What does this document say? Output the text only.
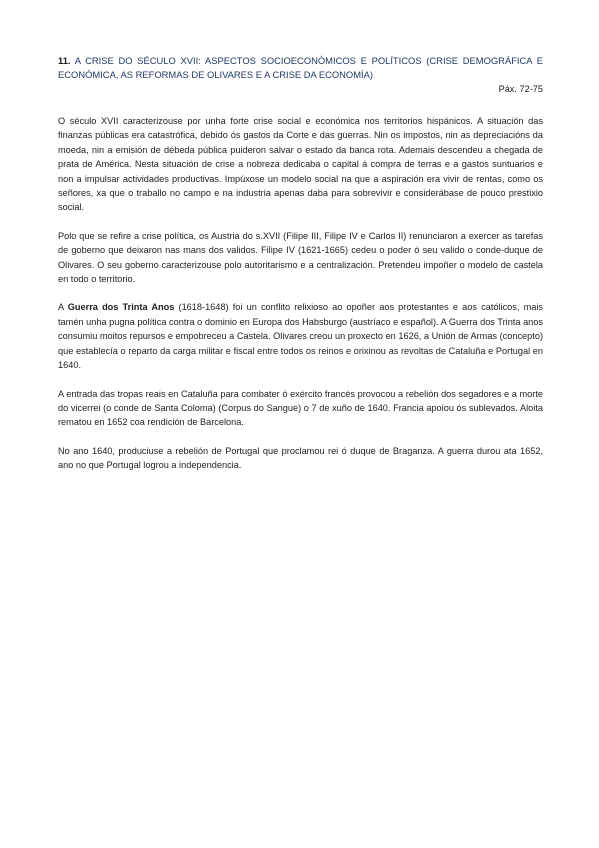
11. A CRISE DO SÉCULO XVII: ASPECTOS SOCIOECONÓMICOS E POLÍTICOS (CRISE DEMOGRÁFICA E ECONÓMICA, AS REFORMAS DE OLIVARES E A CRISE DA ECONOMÍA)

Páx. 72-75

O século XVII caracterizouse por unha forte crise social e económica nos territorios hispánicos. A situación das finanzas públicas era catastrófica, debido ós gastos da Corte e das guerras. Nin os impostos, nin as depreciacións da moeda, nin a emisión de débeda pública puideron salvar o estado da banca rota. Ademais descendeu a chegada de prata de América. Nesta situación de crise a nobreza dedicaba o capital á compra de terras e a gastos suntuarios e non a impulsar actividades productivas. Impúxose un modelo social na que a aspiración era vivir de rentas, como os señores, xa que o traballo no campo e na industria apenas daba para sobrevivir e considerábase de pouco prestixio social.

Polo que se refire a crise política, os Austria do s.XVII (Filipe III, Filipe IV e Carlos II) renunciaron a exercer as tarefas de goberno que deixaron nas mans dos validos. Filipe IV (1621-1665) cedeu o poder ó seu valido o conde-duque de Olivares. O seu goberno caracterizouse polo autoritarismo e a centralización. Pretendeu impoñer o modelo de castela en todo o territorio.

A Guerra dos Trinta Anos (1618-1648) foi un conflito relixioso ao opoñer aos protestantes e aos católicos, mais tamén unha pugna política contra o dominio en Europa dos Habsburgo (austríaco e español). A Guerra dos Trinta anos consumiu moitos repursos e empobreceu a Castela. Olivares creou un proxecto en 1626, a Unión de Armas (concepto) que establecía o reparto da carga militar e fiscal entre todos os reinos e orixinou as revoltas de Cataluña e Portugal en 1640.

A entrada das tropas reais en Cataluña para combater ó exército francés provocou a rebelión dos segadores e a morte do vicerrei (o conde de Santa Coloma) (Corpus do Sangue) o 7 de xuño de 1640. Francia apoiou ós sublevados. Aloita rematou en 1652 coa rendición de Barcelona.

No ano 1640, produciuse a rebelión de Portugal que proclamou rei ó duque de Braganza. A guerra durou ata 1652, ano no que Portugal logrou a independencia.
